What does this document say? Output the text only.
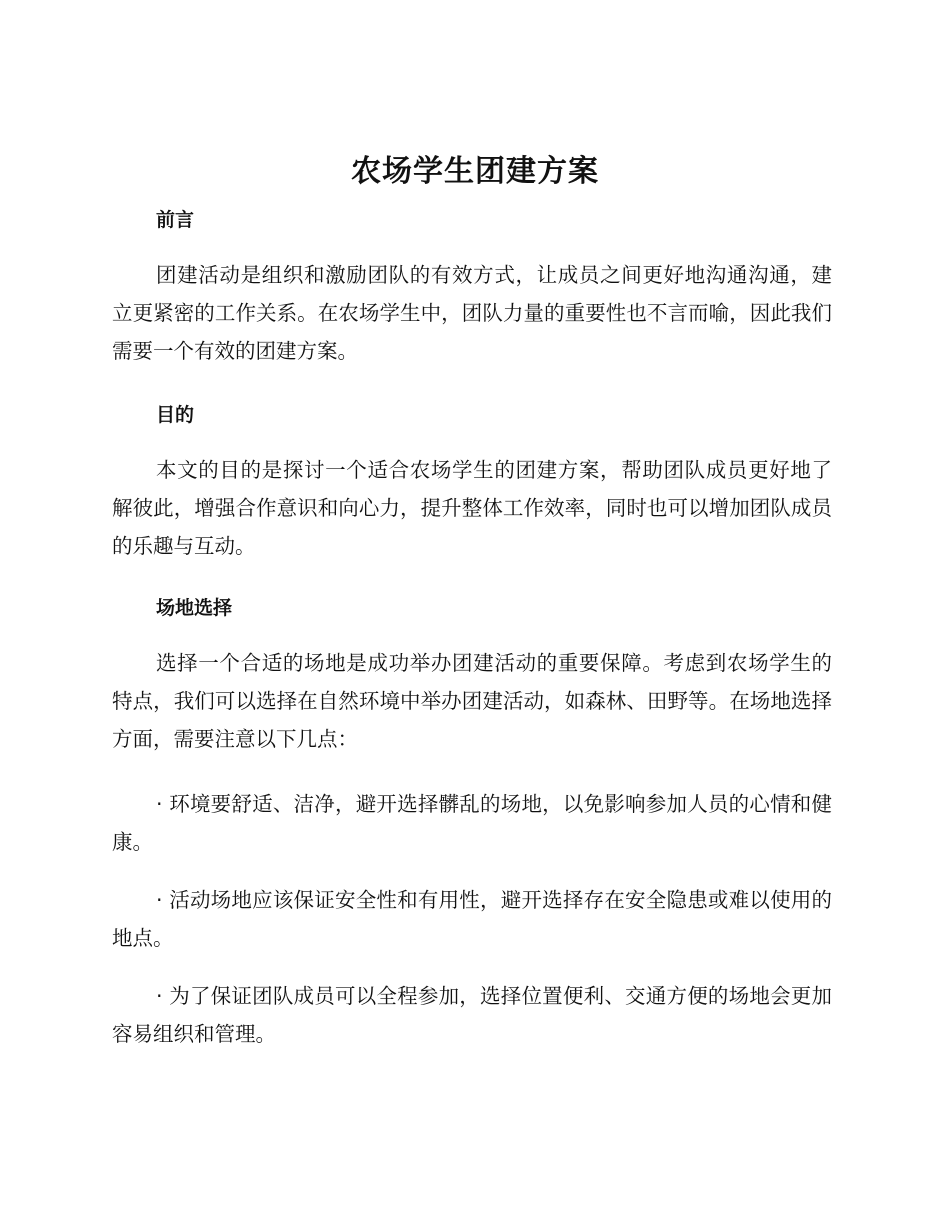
农场学生团建方案
前言

团建活动是组织和激励团队的有效方式，让成员之间更好地沟通沟通，建立更紧密的工作关系。在农场学生中，团队力量的重要性也不言而喻，因此我们需要一个有效的团建方案。

目的

本文的目的是探讨一个适合农场学生的团建方案，帮助团队成员更好地了解彼此，增强合作意识和向心力，提升整体工作效率，同时也可以增加团队成员的乐趣与互动。

场地选择

选择一个合适的场地是成功举办团建活动的重要保障。考虑到农场学生的特点，我们可以选择在自然环境中举办团建活动，如森林、田野等。在场地选择方面，需要注意以下几点：

· 环境要舒适、洁净，避开选择髒乱的场地，以免影响参加人员的心情和健康。

· 活动场地应该保证安全性和有用性，避开选择存在安全隐患或难以使用的地点。

· 为了保证团队成员可以全程参加，选择位置便利、交通方便的场地会更加容易组织和管理。
